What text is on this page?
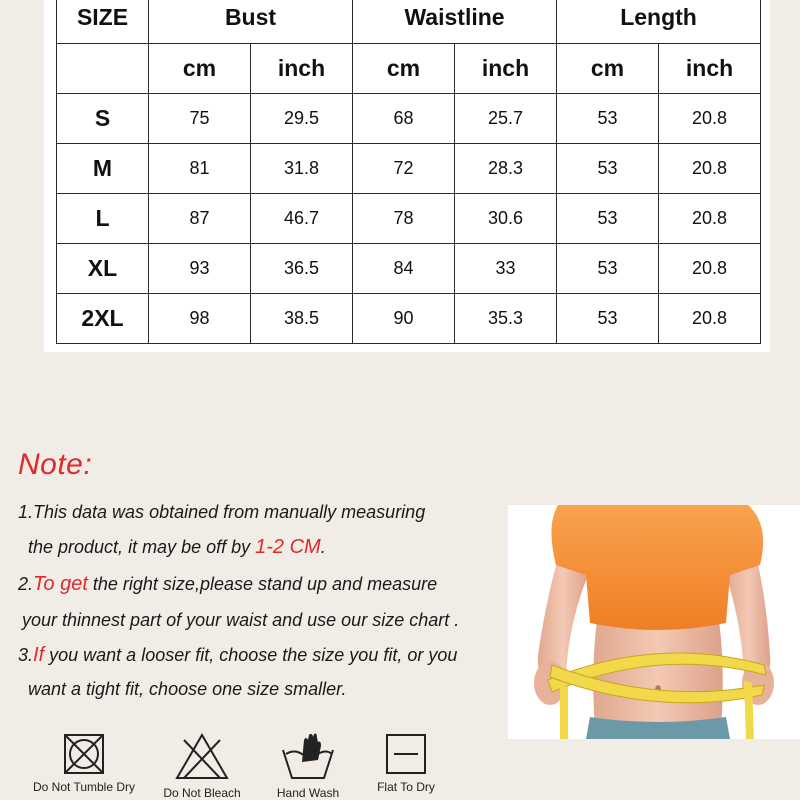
SIZE	Bust		Waistline		Length	
	cm	inch	cm	inch	cm	inch
S	75	29.5	68	25.7	53	20.8
M	81	31.8	72	28.3	53	20.8
L	87	46.7	78	30.6	53	20.8
XL	93	36.5	84	33	53	20.8
2XL	98	38.5	90	35.3	53	20.8
Note:
1.This data was obtained from manually measuring
the product, it may be off by 1-2 CM.
2.To get the right size,please stand up and measure
your thinnest part of your waist and use our size chart .
3.If you want a looser fit, choose the size you fit, or you
want a tight fit, choose one size smaller.
Do Not Tumble Dry	Do Not Bleach	Hand Wash	Flat To Dry
